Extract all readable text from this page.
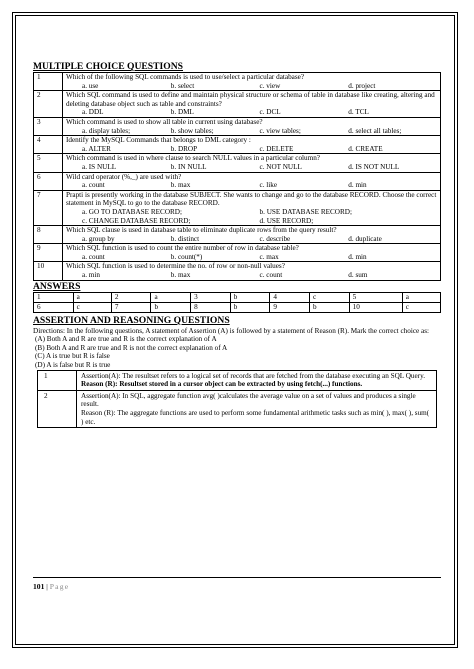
MULTIPLE CHOICE QUESTIONS

1	Which of the following SQL commands is used to use/select a particular database?

	a. use b. select c. view d. project

2	Which SQL command is used to define and maintain physical structure or schema of table in database like creating, altering and deleting database object such as table and constraints?

	a. DDL b. DML c. DCL d. TCL

3	Which command is used to show all table in current using database?

	a. display tables; b. show tables; c. view tables; d. select all tables;

4	Identify the MySQL Commands that belongs to DML category :

	a. ALTER b. DROP c. DELETE d. CREATE

5	Which command is used in where clause to search NULL values in a particular column?

	a. IS NULL b. IN NULL c. NOT NULL d. IS NOT NULL

6	Wild card operator (%,_) are used with?

	a. count b. max c. like d. min

7	Prapti is presently working in the database SUBJECT. She wants to change and go to the database RECORD. Choose the correct statement in MySQL to go to the database RECORD.

	a. GO TO DATABASE RECORD; b. USE DATABASE RECORD;
c. CHANGE DATABASE RECORD; d. USE RECORD;

8	Which SQL clause is used in database table to eliminate duplicate rows from the query result?

	a. group by b. distinct c. describe d. duplicate

9	Which SQL function is used to count the entire number of row in database table?

	a. count b. count(*) c. max d. min

10	Which SQL function is used to determine the no. of row or non-null values?

	a. min b. max c. count d. sum

ANSWERS

1	a	2	a	3	b	4	c	5	a
6	c	7	b	8	b	9	b	10	c

ASSERTION AND REASONING QUESTIONS

Directions: In the following questions, A statement of Assertion (A) is followed by a statement of Reason (R). Mark the correct choice as:
(A) Both A and R are true and R is the correct explanation of A
(B) Both A and R are true and R is not the correct explanation of A
(C) A is true but R is false
(D) A is false but R is true
1	Assertion(A): The resultset refers to a logical set of records that are fetched from the database executing an SQL Query.
Reason (R): Resultset stored in a cursor object can be extracted by using fetch(...) functions.

2	Assertion(A): In SQL, aggregate function avg( )calculates the average value on a set of values and produces a single result.
Reason (R): The aggregate functions are used to perform some fundamental arithmetic tasks such as min( ), max( ), sum( ) etc.
101 | Page
